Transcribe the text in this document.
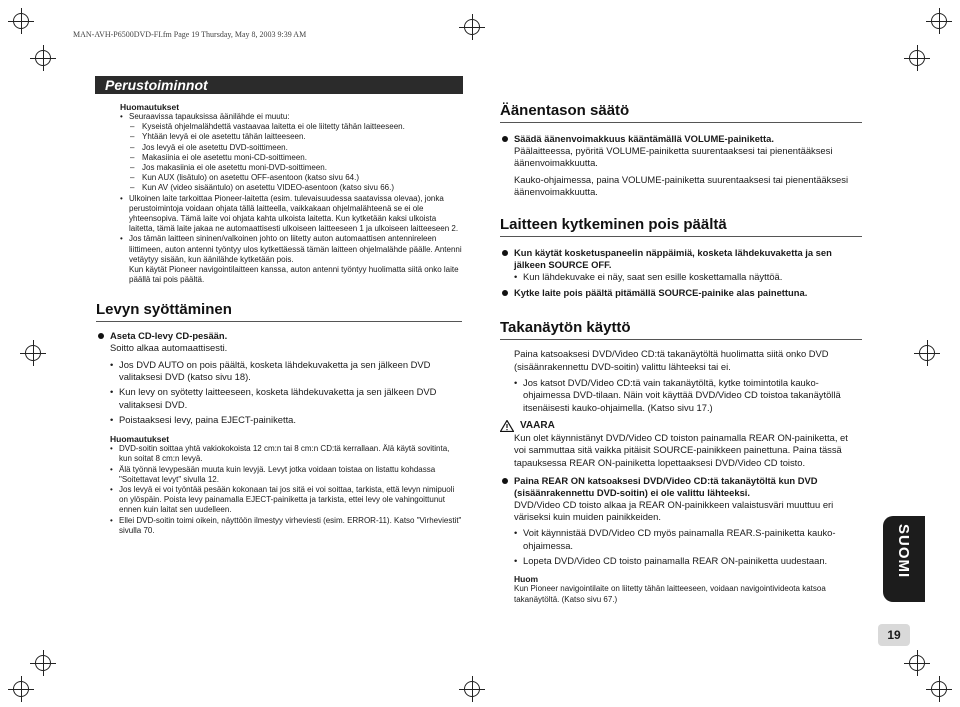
MAN-AVH-P6500DVD-FI.fm Page 19 Thursday, May 8, 2003 9:39 AM
Perustoiminnot
Huomautukset
• Seuraavissa tapauksissa äänilähde ei muutu:
– Kyseistä ohjelmalähdettä vastaavaa laitetta ei ole liitetty tähän laitteeseen.
– Yhtään levyä ei ole asetettu tähän laitteeseen.
– Jos levyä ei ole asetettu DVD-soittimeen.
– Makasiinia ei ole asetettu moni-CD-soittimeen.
– Jos makasiinia ei ole asetettu moni-DVD-soittimeen.
– Kun AUX (lisätulo) on asetettu OFF-asentoon (katso sivu 64.)
– Kun AV (video sisääntulo) on asetettu VIDEO-asentoon (katso sivu 66.)
• Ulkoinen laite tarkoittaa Pioneer-laitetta (esim. tulevaisuudessa saatavissa olevaa), jonka perustoimintoja voidaan ohjata tällä laitteella, vaikkakaan ohjelmalähteenä se ei ole yhteensopiva. Tämä laite voi ohjata kahta ulkoista laitetta. Kun kytketään kaksi ulkoista laitetta, tämä laite jakaa ne automaattisesti ulkoiseen laitteeseen 1 ja ulkoiseen laitteeseen 2.
• Jos tämän laitteen sininen/valkoinen johto on liitetty auton automaattisen antennireleen liittimeen, auton antenni työntyy ulos kytkettäessä tämän laitteen ohjelmalähde päälle. Antenni vetäytyy sisään, kun äänilähde kytketään pois.
Kun käytät Pioneer navigointilaitteen kanssa, auton antenni työntyy huolimatta siitä onko laite päällä tai pois päältä.
Levyn syöttäminen
Aseta CD-levy CD-pesään.
Soitto alkaa automaattisesti.
• Jos DVD AUTO on pois päältä, kosketa lähdekuvaketta ja sen jälkeen DVD valitaksesi DVD (katso sivu 18).
• Kun levy on syötetty laitteeseen, kosketa lähdekuvaketta ja sen jälkeen DVD valitaksesi DVD.
• Poistaaksesi levy, paina EJECT-painiketta.
Huomautukset
• DVD-soitin soittaa yhtä vakiokokoista 12 cm:n tai 8 cm:n CD:tä kerrallaan. Älä käytä sovitinta, kun soitat 8 cm:n levyä.
• Älä työnnä levypesään muuta kuin levyjä. Levyt jotka voidaan toistaa on listattu kohdassa "Soitettavat levyt" sivulla 12.
• Jos levyä ei voi työntää pesään kokonaan tai jos sitä ei voi soittaa, tarkista, että levyn nimipuoli on ylöspäin. Poista levy painamalla EJECT-painiketta ja tarkista, ettei levy ole vahingoittunut ennen kuin laitat sen uudelleen.
• Ellei DVD-soitin toimi oikein, näyttöön ilmestyy virheviesti (esim. ERROR-11). Katso "Virheviestit" sivulla 70.
Äänentason säätö
Säädä äänenvoimakkuus kääntämällä VOLUME-painiketta.
Päälaitteessa, pyöritä VOLUME-painiketta suurentaaksesi tai pienentääksesi äänenvoimakkuutta.
Kauko-ohjaimessa, paina VOLUME-painiketta suurentaaksesi tai pienentääksesi äänenvoimakkuutta.
Laitteen kytkeminen pois päältä
Kun käytät kosketuspaneelin näppäimiä, kosketa lähdekuvaketta ja sen jälkeen SOURCE OFF.
• Kun lähdekuvake ei näy, saat sen esille koskettamalla näyttöä.
Kytke laite pois päältä pitämällä SOURCE-painike alas painettuna.
Takanäytön käyttö
Paina katsoaksesi DVD/Video CD:tä takanäytöltä huolimatta siitä onko DVD (sisäänrakennettu DVD-soitin) valittu lähteeksi tai ei.
• Jos katsot DVD/Video CD:tä vain takanäytöltä, kytke toimintotila kauko-ohjaimessa DVD-tilaan. Näin voit käyttää DVD/Video CD toistoa takanäytöllä itsenäisesti kauko-ohjaimella. (Katso sivu 17.)
VAARA
Kun olet käynnistänyt DVD/Video CD toiston painamalla REAR ON-painiketta, et voi sammuttaa sitä vaikka pitäisit SOURCE-painikkeen painettuna. Paina tässä tapauksessa REAR ON-painiketta lopettaaksesi DVD/Video CD toisto.
Paina REAR ON katsoaksesi DVD/Video CD:tä takanäytöltä kun DVD (sisäänrakennettu DVD-soitin) ei ole valittu lähteeksi.
DVD/Video CD toisto alkaa ja REAR ON-painikkeen valaistusväri muuttuu eri väriseksi kuin muiden painikkeiden.
• Voit käynnistää DVD/Video CD myös painamalla REAR.S-painiketta kauko-ohjaimessa.
• Lopeta DVD/Video CD toisto painamalla REAR ON-painiketta uudestaan.
Huom
Kun Pioneer navigointilaite on liitetty tähän laitteeseen, voidaan navigointivideota katsoa takanäytöltä. (Katso sivu 67.)
SUOMI
19
